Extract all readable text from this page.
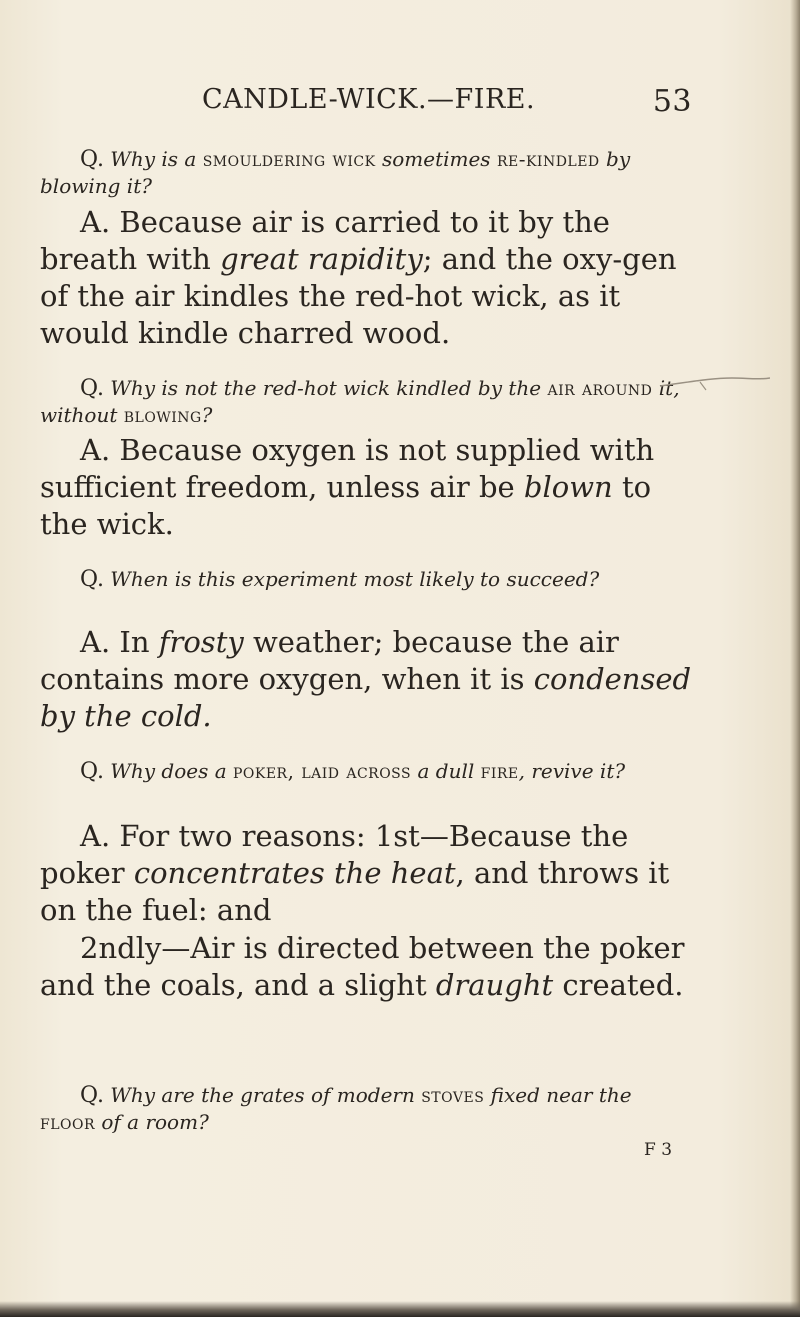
CANDLE-WICK.—FIRE.	53
Q. Why is a smouldering wick sometimes re-kindled by blowing it?
A. Because air is carried to it by the breath with great rapidity; and the oxy-gen of the air kindles the red-hot wick, as it would kindle charred wood.
Q. Why is not the red-hot wick kindled by the air around it, without blowing?
A. Because oxygen is not supplied with sufficient freedom, unless air be blown to the wick.
Q. When is this experiment most likely to succeed?
A. In frosty weather; because the air contains more oxygen, when it is condensed by the cold.
Q. Why does a poker, laid across a dull fire, revive it?
A. For two reasons: 1st—Because the poker concentrates the heat, and throws it on the fuel: and
2ndly—Air is directed between the poker and the coals, and a slight draught created.
Q. Why are the grates of modern stoves fixed near the floor of a room?
F 3
